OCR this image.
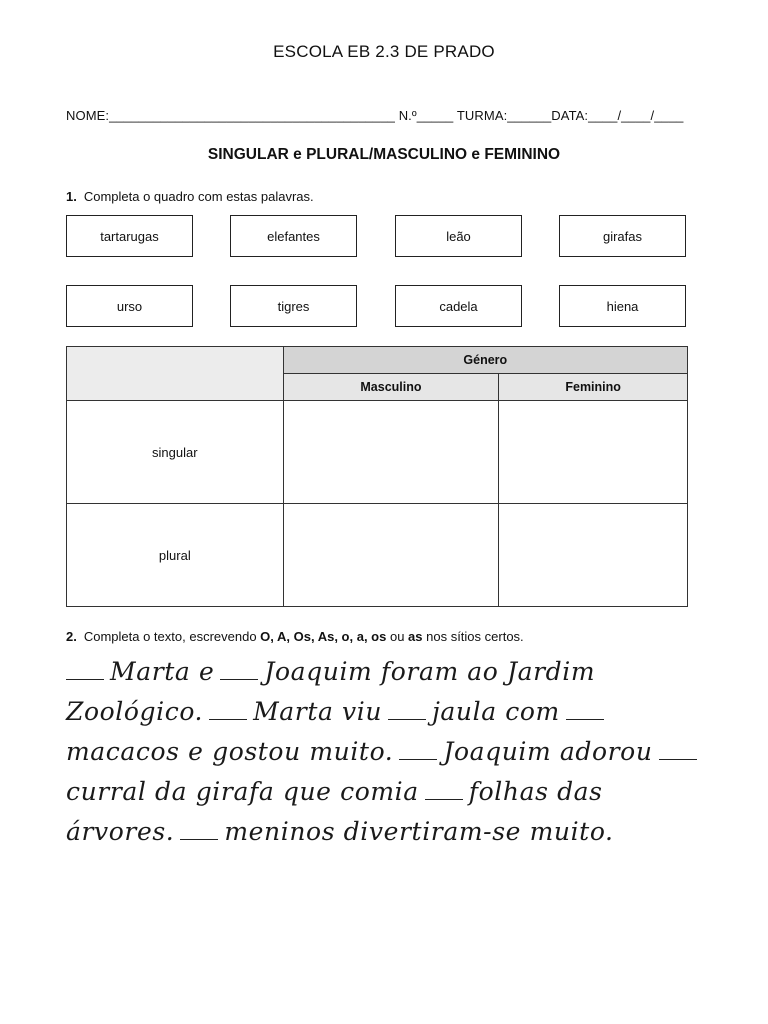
ESCOLA EB 2.3 DE PRADO
NOME:_______________________________________ N.º_____ TURMA:______DATA:____/____/____
SINGULAR e PLURAL/MASCULINO e FEMININO
1. Completa o quadro com estas palavras.
tartarugas	elefantes	leão	girafas
urso	tigres	cadela	hiena
	Género	
	Masculino	Feminino
singular		
plural		
2. Completa o texto, escrevendo O, A, Os, As, o, a, os ou as nos sítios certos.
Marta e Joaquim foram ao Jardim
Zoológico. Marta viu jaula com
macacos e gostou muito. Joaquim adorou
curral da girafa que comia folhas das
árvores. meninos divertiram-se muito.
